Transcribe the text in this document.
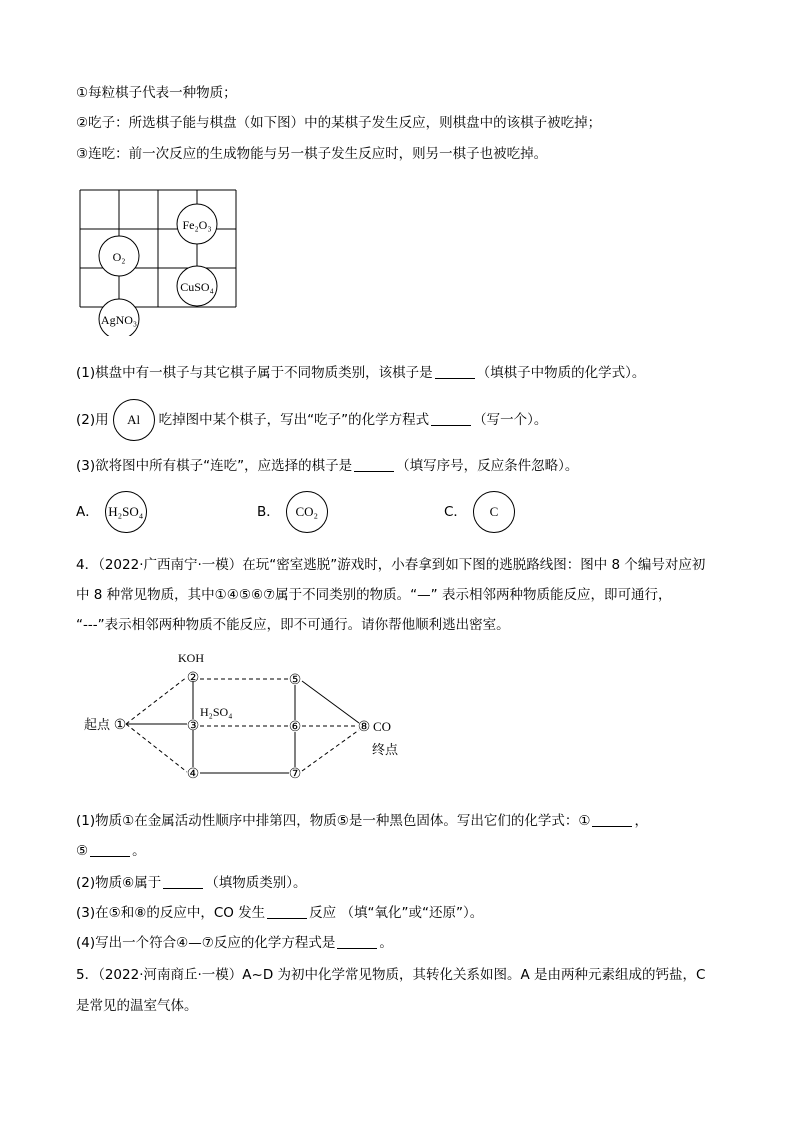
①每粒棋子代表一种物质；
②吃子：所选棋子能与棋盘（如下图）中的某棋子发生反应，则棋盘中的该棋子被吃掉；
③连吃：前一次反应的生成物能与另一棋子发生反应时，则另一棋子也被吃掉。
Fe₂O₃
O₂
CuSO₄
AgNO₃
(1)棋盘中有一棋子与其它棋子属于不同物质类别，该棋子是	（填棋子中物质的化学式）。
(2)用 Al 吃掉图中某个棋子，写出“吃子”的化学方程式	（写一个）。
(3)欲将图中所有棋子“连吃”，应选择的棋子是	（填写序号，反应条件忽略）。
A． H₂SO₄	B． CO₂	C． C
4．（2022·广西南宁·一模）在玩“密室逃脱”游戏时，小春拿到如下图的逃脱路线图：图中 8 个编号对应初
中 8 种常见物质，其中①④⑤⑥⑦属于不同类别的物质。“—” 表示相邻两种物质能反应，即可通行，
“---”表示相邻两种物质不能反应，即不可通行。请你帮他顺利逃出密室。
①
②
③
④
⑤
⑥
⑦
⑧
起点
KOH
H₂SO₄
CO
终点
(1)物质①在金属活动性顺序中排第四，物质⑤是一种黑色固体。写出它们的化学式：①	，
⑤	。
(2)物质⑥属于	（填物质类别）。
(3)在⑤和⑧的反应中，CO 发生	反应 （填“氧化”或“还原”）。
(4)写出一个符合④—⑦反应的化学方程式是	。
5．（2022·河南商丘·一模）A~D 为初中化学常见物质，其转化关系如图。A 是由两种元素组成的钙盐，C
是常见的温室气体。
